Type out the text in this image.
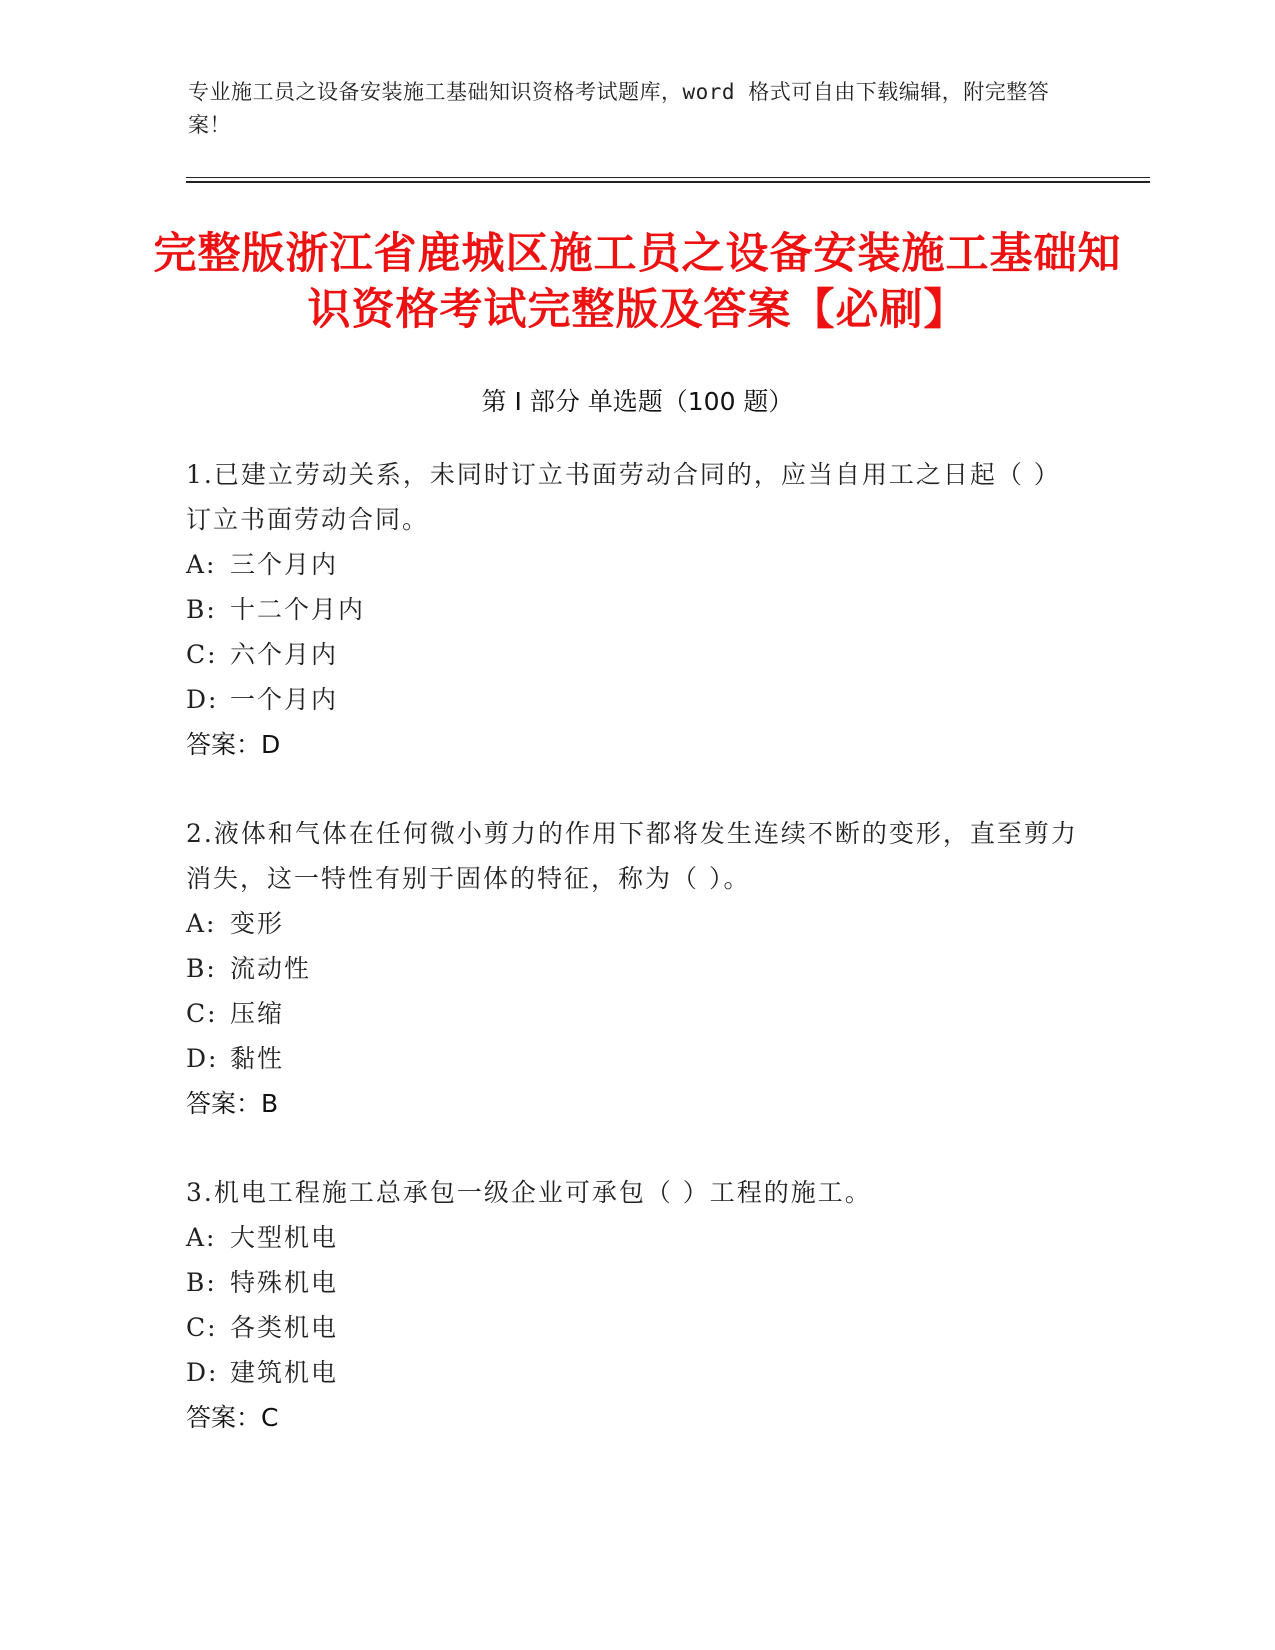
专业施工员之设备安装施工基础知识资格考试题库，word 格式可自由下载编辑，附完整答案！
完整版浙江省鹿城区施工员之设备安装施工基础知识资格考试完整版及答案【必刷】
第 I 部分 单选题（100 题）
1.已建立劳动关系，未同时订立书面劳动合同的，应当自用工之日起（ ）订立书面劳动合同。
A: 三个月内
B: 十二个月内
C: 六个月内
D: 一个月内
答案：D
2.液体和气体在任何微小剪力的作用下都将发生连续不断的变形，直至剪力消失，这一特性有别于固体的特征，称为（ ）。
A: 变形
B: 流动性
C: 压缩
D: 黏性
答案：B
3.机电工程施工总承包一级企业可承包（ ）工程的施工。
A: 大型机电
B: 特殊机电
C: 各类机电
D: 建筑机电
答案：C
